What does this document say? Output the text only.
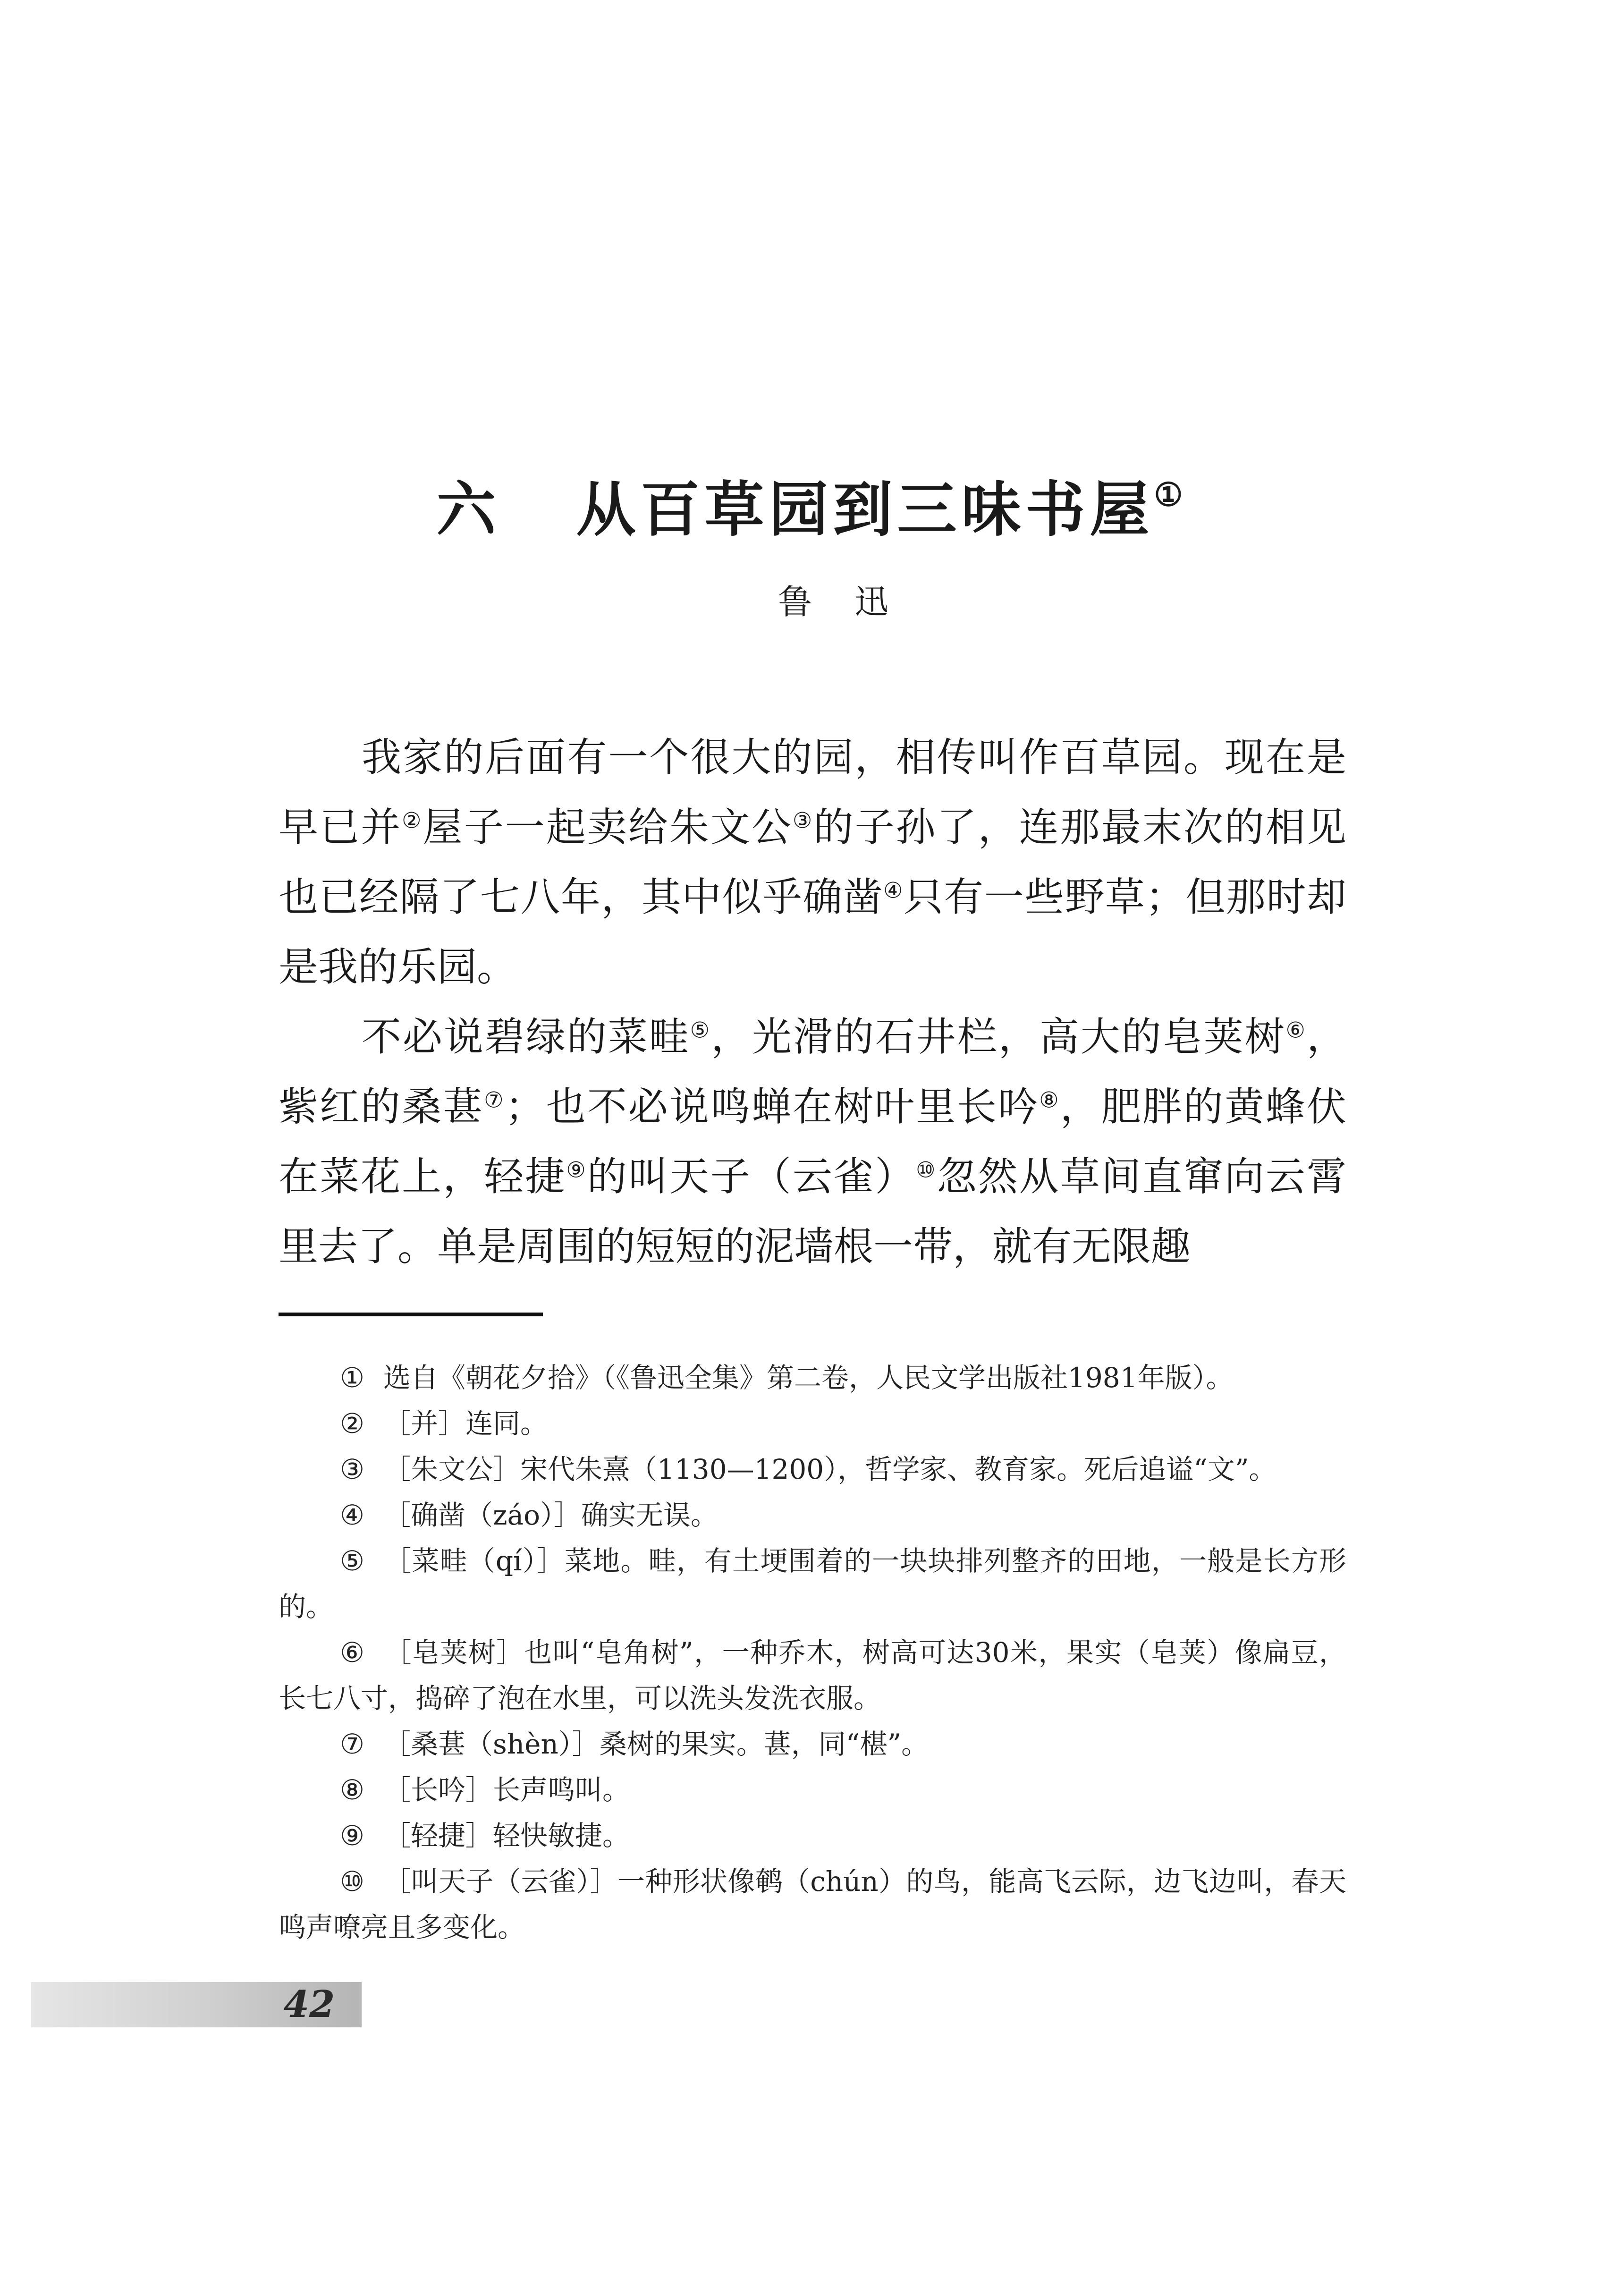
六 从百草园到三味书屋①
鲁迅

我家的后面有一个很大的园，相传叫作百草园。现在是早已并②屋子一起卖给朱文公③的子孙了，连那最末次的相见也已经隔了七八年，其中似乎确凿④只有一些野草；但那时却是我的乐园。

不必说碧绿的菜畦⑤，光滑的石井栏，高大的皂荚树⑥，紫红的桑葚⑦；也不必说鸣蝉在树叶里长吟⑧，肥胖的黄蜂伏在菜花上，轻捷⑨的叫天子（云雀）⑩忽然从草间直窜向云霄里去了。单是周围的短短的泥墙根一带，就有无限趣

① 选自《朝花夕拾》（《鲁迅全集》第二卷，人民文学出版社1981年版）。

② ［并］连同。

③ ［朱文公］宋代朱熹（1130—1200），哲学家、教育家。死后追谥“文”。

④ ［确凿（záo）］确实无误。

⑤ ［菜畦（qí）］菜地。畦，有土埂围着的一块块排列整齐的田地，一般是长方形的。

⑥ ［皂荚树］也叫“皂角树”，一种乔木，树高可达30米，果实（皂荚）像扁豆，长七八寸，捣碎了泡在水里，可以洗头发洗衣服。

⑦ ［桑葚（shèn）］桑树的果实。葚，同“椹”。

⑧ ［长吟］长声鸣叫。

⑨ ［轻捷］轻快敏捷。

⑩ ［叫天子（云雀）］一种形状像鹌（chún）的鸟，能高飞云际，边飞边叫，春天鸣声嘹亮且多变化。

42
